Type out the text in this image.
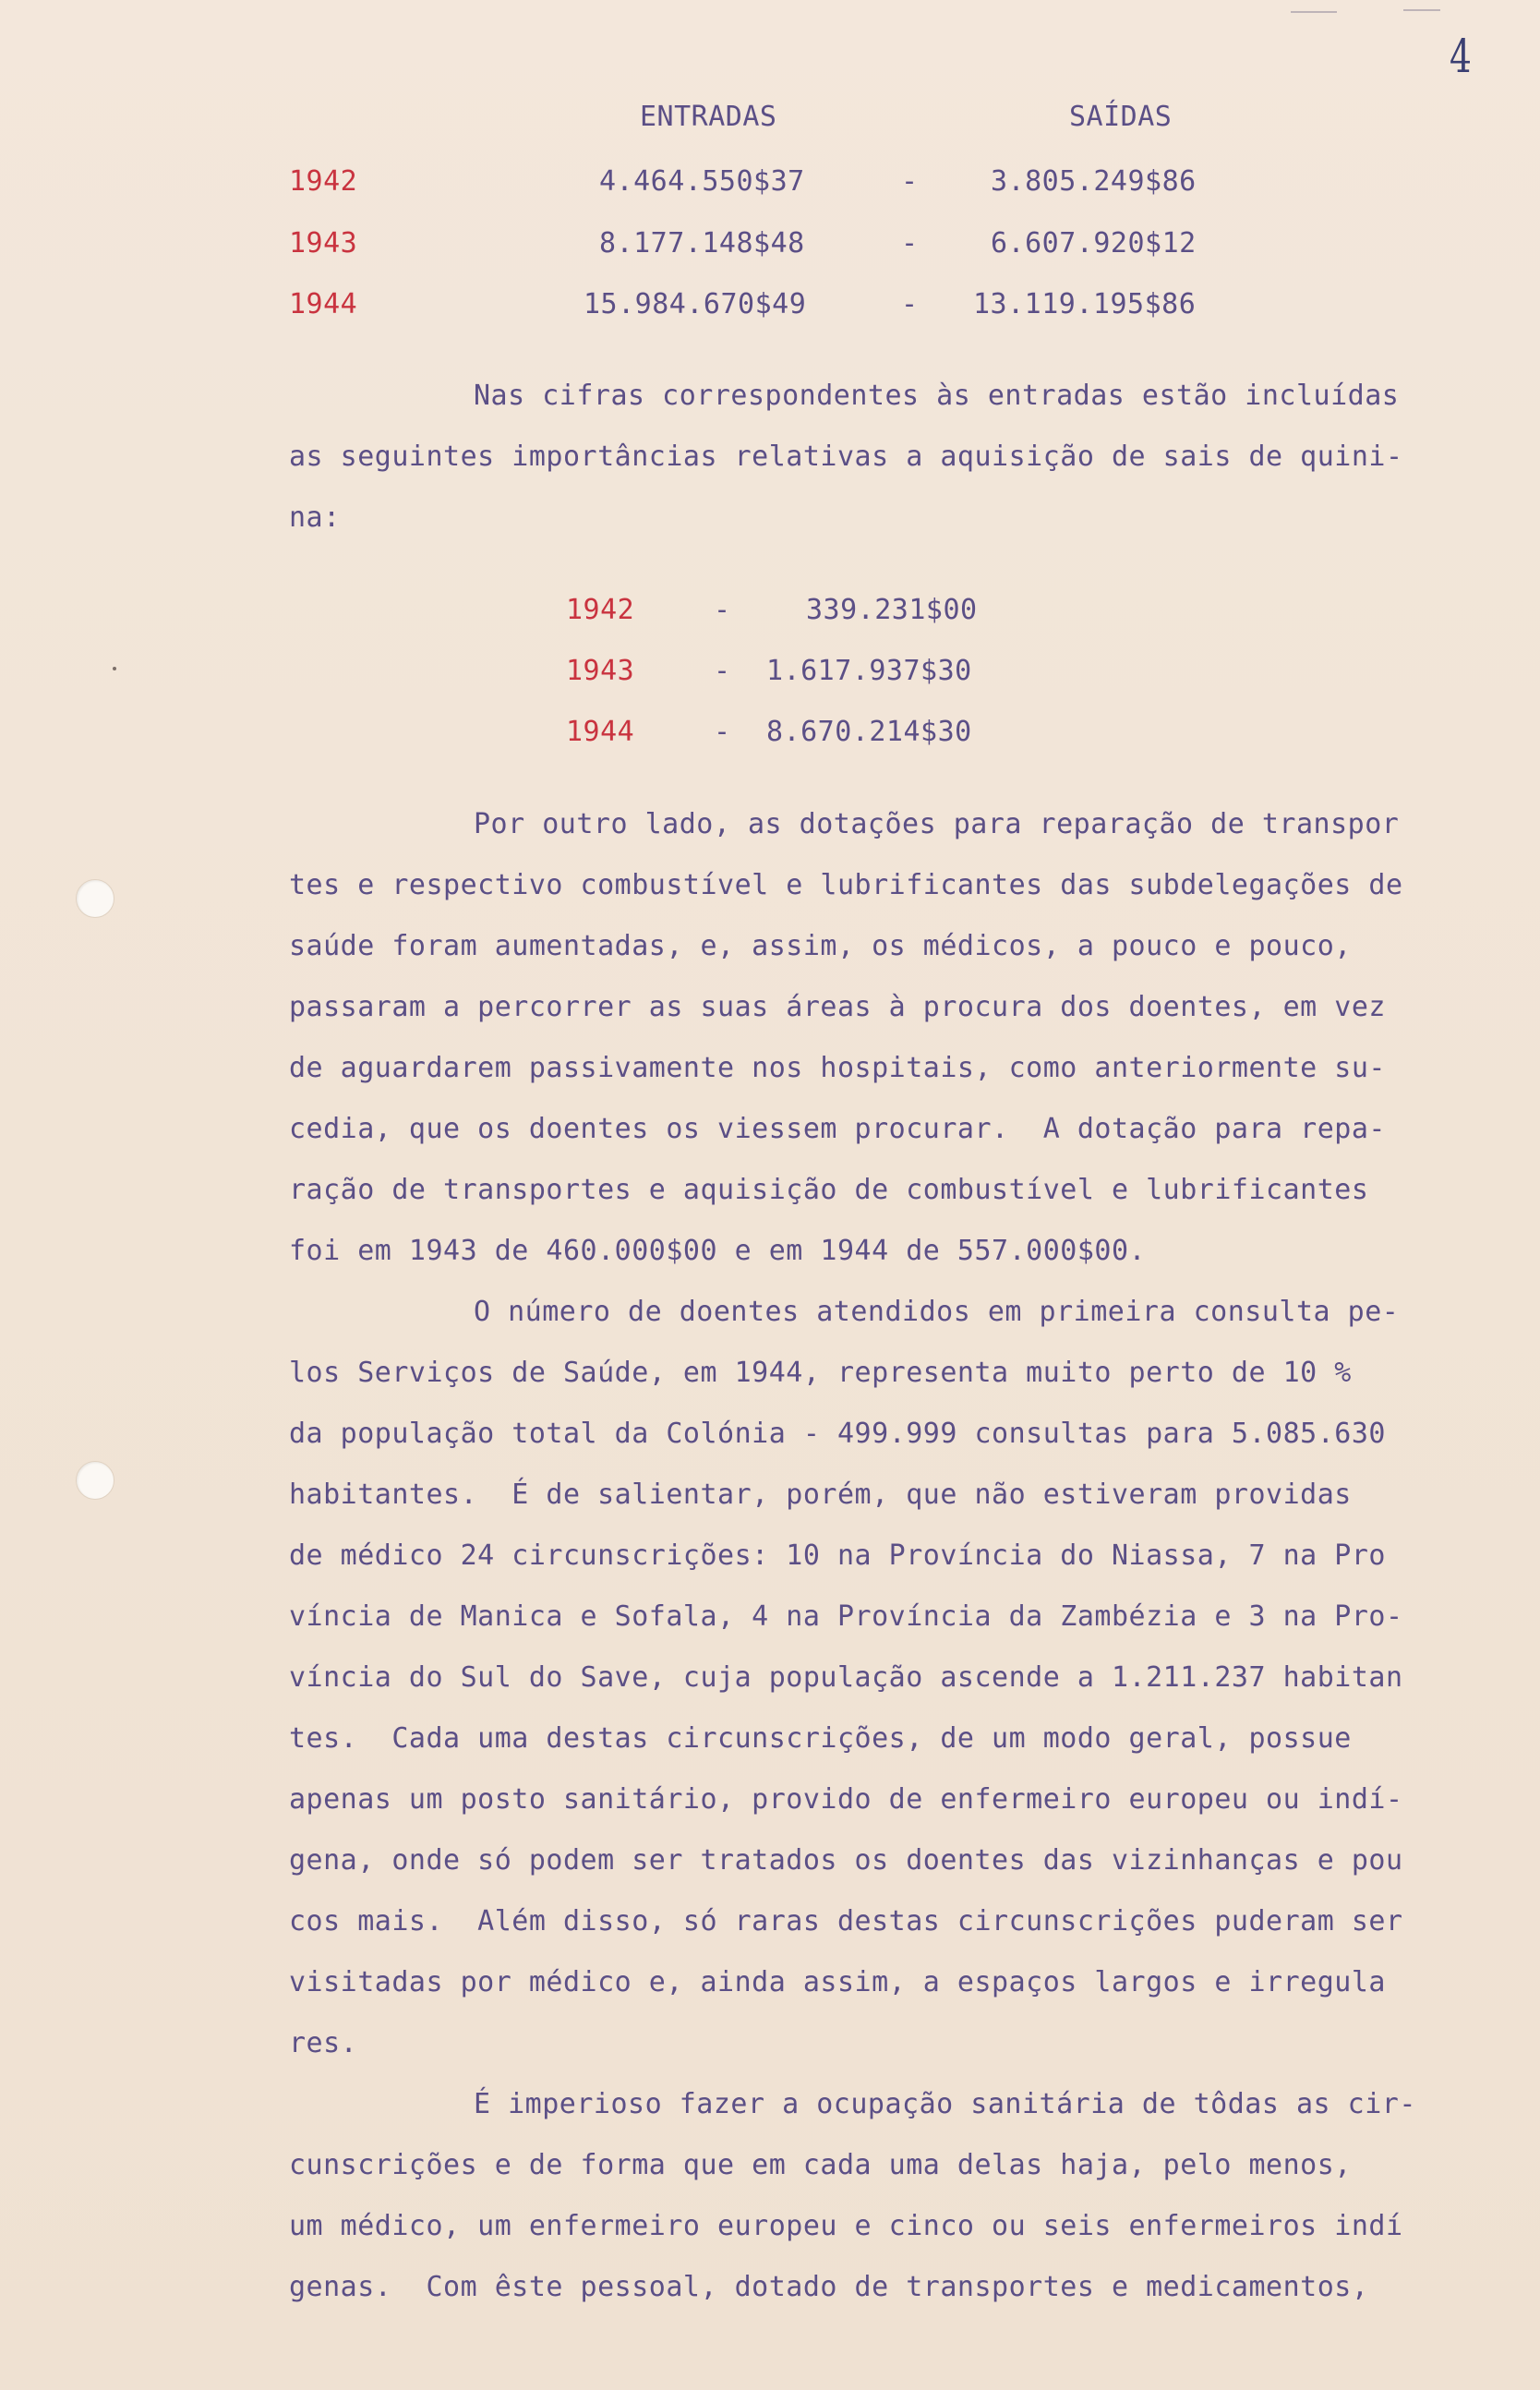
4
ENTRADAS	SAÍDAS
1942	4.464.550$37	-	3.805.249$86
1943	8.177.148$48	-	6.607.920$12
1944	15.984.670$49	- 13.119.195$86
Nas cifras correspondentes às entradas estão incluídas
as seguintes importâncias relativas a aquisição de sais de quini-
na:
1942	-	339.231$00
1943	- 1.617.937$30
1944	- 8.670.214$30
Por outro lado, as dotações para reparação de transpor
tes e respectivo combustível e lubrificantes das subdelegações de
saúde foram aumentadas, e, assim, os médicos, a pouco e pouco,
passaram a percorrer as suas áreas à procura dos doentes, em vez
de aguardarem passivamente nos hospitais, como anteriormente su-
cedia, que os doentes os viessem procurar.  A dotação para repa-
ração de transportes e aquisição de combustível e lubrificantes
foi em 1943 de 460.000$00 e em 1944 de 557.000$00.
O número de doentes atendidos em primeira consulta pe-
los Serviços de Saúde, em 1944, representa muito perto de 10 %
da população total da Colónia - 499.999 consultas para 5.085.630
habitantes.  É de salientar, porém, que não estiveram providas
de médico 24 circunscrições: 10 na Província do Niassa, 7 na Pro
víncia de Manica e Sofala, 4 na Província da Zambézia e 3 na Pro-
víncia do Sul do Save, cuja população ascende a 1.211.237 habitan
tes.  Cada uma destas circunscrições, de um modo geral, possue
apenas um posto sanitário, provido de enfermeiro europeu ou indí-
gena, onde só podem ser tratados os doentes das vizinhanças e pou
cos mais.  Além disso, só raras destas circunscrições puderam ser
visitadas por médico e, ainda assim, a espaços largos e irregula
res.
É imperioso fazer a ocupação sanitária de tôdas as cir-
cunscrições e de forma que em cada uma delas haja, pelo menos,
um médico, um enfermeiro europeu e cinco ou seis enfermeiros indí
genas.  Com êste pessoal, dotado de transportes e medicamentos,
